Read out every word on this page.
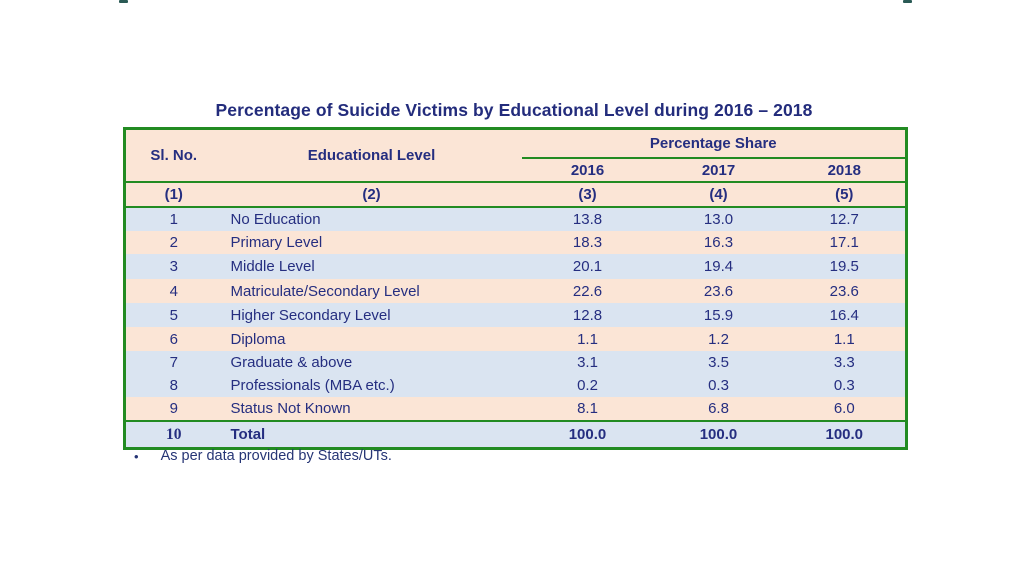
Percentage of Suicide Victims by Educational Level during 2016 – 2018
Sl. No.	Educational Level	Percentage Share		
		2016	2017	2018
(1)	(2)	(3)	(4)	(5)
1	No Education	13.8	13.0	12.7
2	Primary Level	18.3	16.3	17.1
3	Middle Level	20.1	19.4	19.5
4	Matriculate/Secondary Level	22.6	23.6	23.6
5	Higher Secondary Level	12.8	15.9	16.4
6	Diploma	1.1	1.2	1.1
7	Graduate & above	3.1	3.5	3.3
8	Professionals (MBA etc.)	0.2	0.3	0.3
9	Status Not Known	8.1	6.8	6.0
10	Total	100.0	100.0	100.0
• As per data provided by States/UTs.
